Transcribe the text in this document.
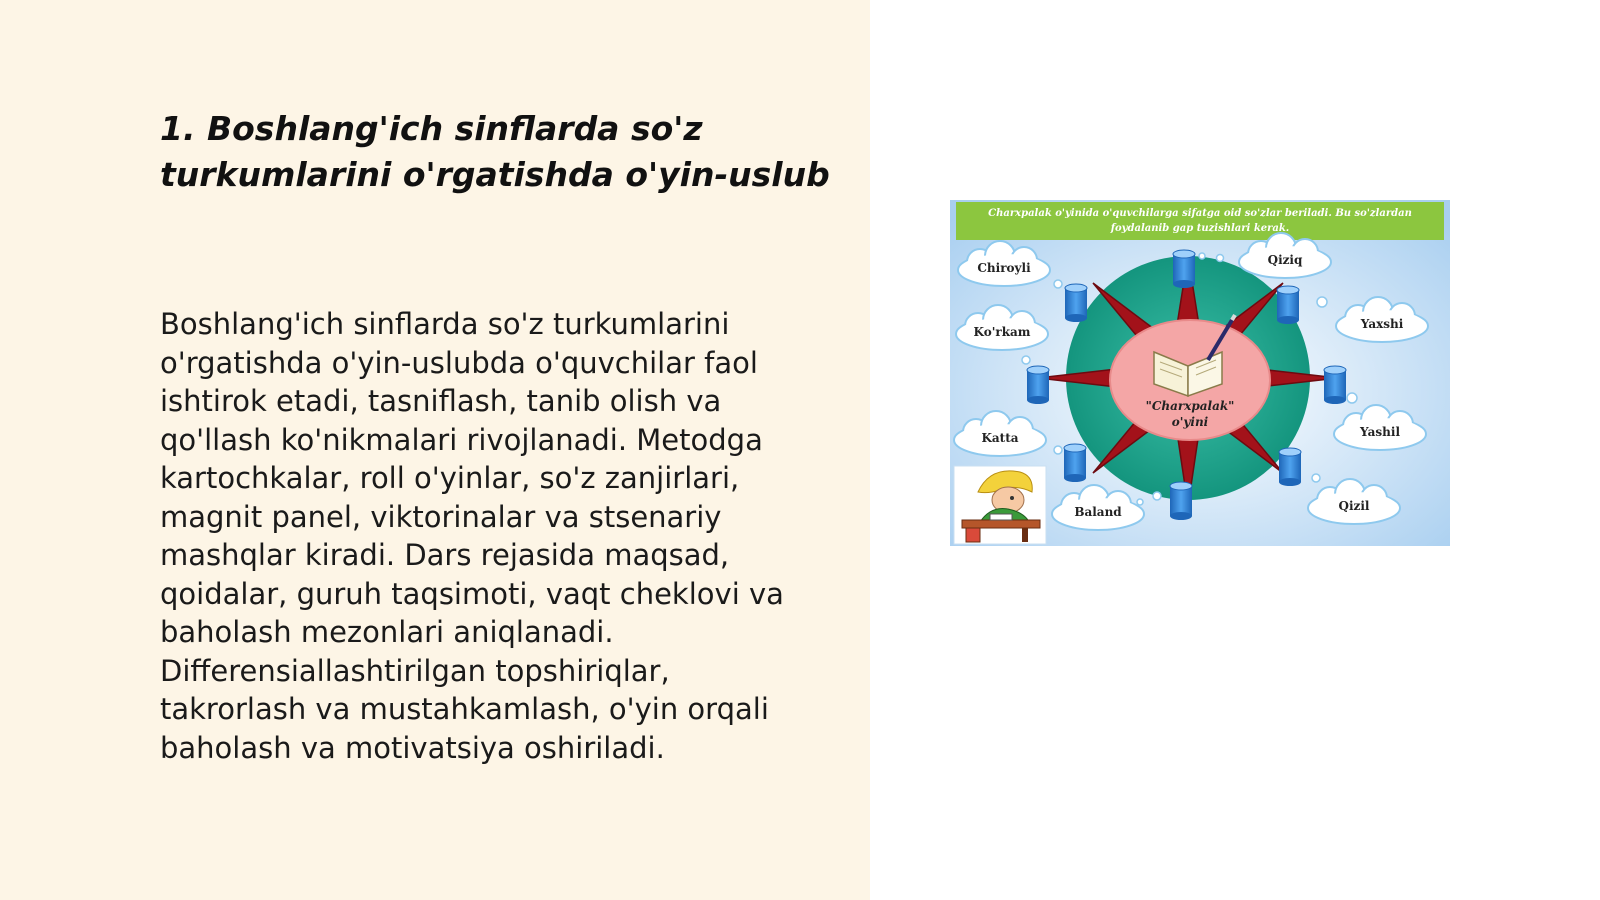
1. Boshlang'ich sinflarda so'z turkumlarini o'rgatishda o'yin-uslub

Boshlang'ich sinflarda so'z turkumlarini o'rgatishda o'yin-uslubda o'quvchilar faol ishtirok etadi, tasniflash, tanib olish va qo'llash ko'nikmalari rivojlanadi. Metodga kartochkalar, roll o'yinlar, so'z zanjirlari, magnit panel, viktorinalar va stsenariy mashqlar kiradi. Dars rejasida maqsad, qoidalar, guruh taqsimoti, vaqt cheklovi va baholash mezonlari aniqlanadi. Differensiallashtirilgan topshiriqlar, takrorlash va mustahkamlash, o'yin orqali baholash va motivatsiya oshiriladi.

Charxpalak o'yinida o'quvchilarga sifatga oid so'zlar beriladi. Bu so'zlardan foydalanib gap tuzishlari kerak.
"Charxpalak"
o'yini
Chiroyli
Qiziq
Ko'rkam
Yaxshi
Katta	Yashil
Baland	Qizil
